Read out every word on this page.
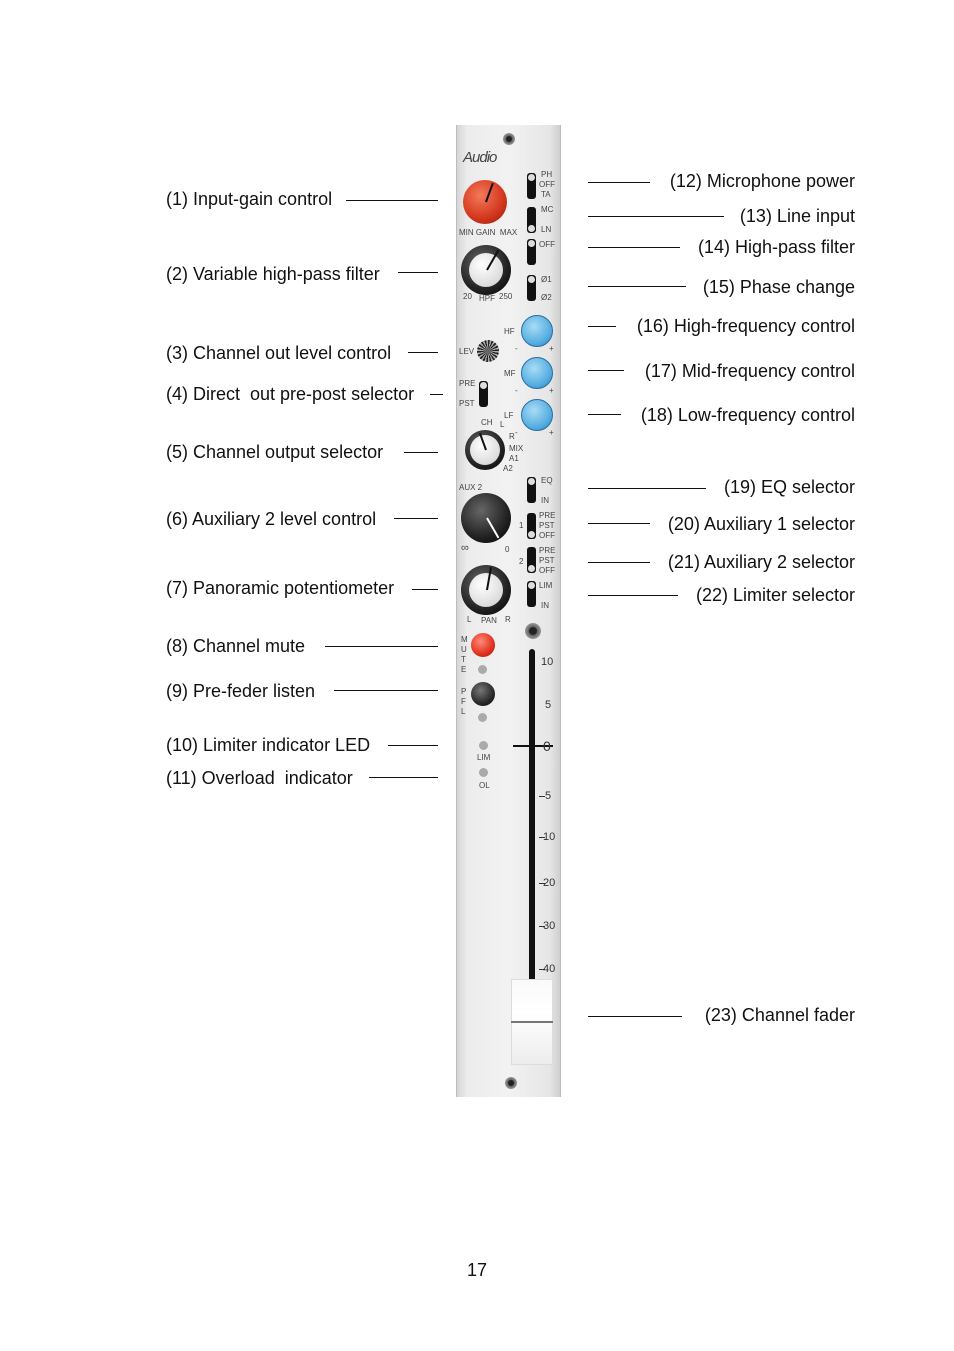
(1) Input-gain control
(2) Variable high-pass filter
(3) Channel out level control
(4) Direct  out pre-post selector
(5) Channel output selector
(6) Auxiliary 2 level control
(7) Panoramic potentiometer
(8) Channel mute
(9) Pre-feder listen
(10) Limiter indicator LED
(11) Overload  indicator
(12) Microphone power
(13) Line input
(14) High-pass filter
(15) Phase change
(16) High-frequency control
(17) Mid-frequency control
(18) Low-frequency control
(19) EQ selector
(20) Auxiliary 1 selector
(21) Auxiliary 2 selector
(22) Limiter selector
(23) Channel fader
Audio
MIN GAIN  MAX
PH
OFF
TA
MC
LN
OFF
Ø1
Ø2
20 HPF 250
HF
-	+
MF
-	+
LF
-	+
LEV
PRE
PST
CH L
R
MIX
A1
A2
EQ
IN
AUX 2
∞	0
1
PRE
PST
OFF
2
PRE
PST
OFF
L PAN R
LIM
IN
M
U
T
E
P
F
L
LIM
OL
10
5
0
5
10
20
30
40
17
